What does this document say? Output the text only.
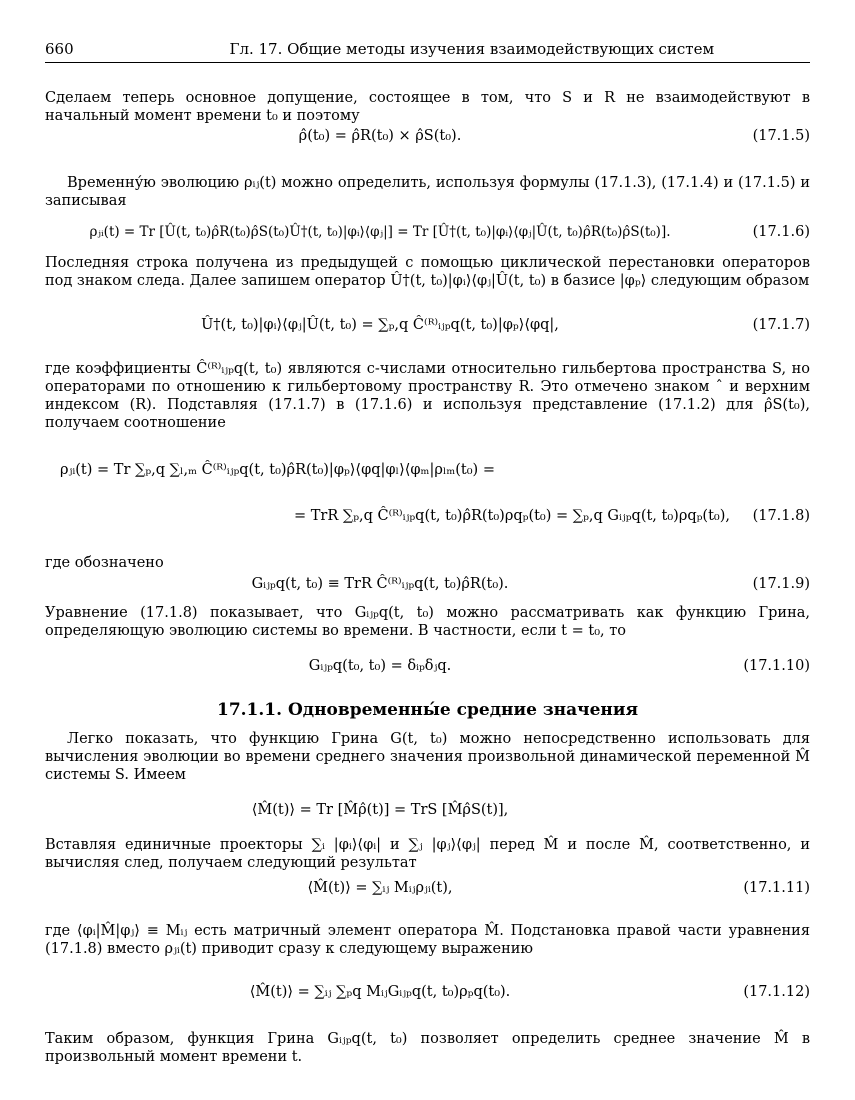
660	Гл. 17. Общие методы изучения взаимодействующих систем

Сделаем теперь основное допущение, состоящее в том, что S и R не взаимодействуют в начальный момент времени t₀ и поэтому

ρ̂(t₀) = ρ̂R(t₀) × ρ̂S(t₀).	(17.1.5)

Временну́ю эволюцию ρᵢⱼ(t) можно определить, используя формулы (17.1.3), (17.1.4) и (17.1.5) и записывая

ρⱼᵢ(t) = Tr [Û(t, t₀)ρ̂R(t₀)ρ̂S(t₀)Û†(t, t₀)|φᵢ⟩⟨φⱼ|] = Tr [Û†(t, t₀)|φᵢ⟩⟨φⱼ|Û(t, t₀)ρ̂R(t₀)ρ̂S(t₀)].	(17.1.6)

Последняя строка получена из предыдущей с помощью циклической перестановки операторов под знаком следа. Далее запишем оператор Û†(t, t₀)|φᵢ⟩⟨φⱼ|Û(t, t₀) в базисе |φₚ⟩ следующим образом

Û†(t, t₀)|φᵢ⟩⟨φⱼ|Û(t, t₀) = ∑ₚ,q Ĉ⁽ᴿ⁾ᵢⱼₚq(t, t₀)|φₚ⟩⟨φq|,	(17.1.7)

где коэффициенты Ĉ⁽ᴿ⁾ᵢⱼₚq(t, t₀) являются c-числами относительно гильбертова пространства S, но операторами по отношению к гильбертовому пространству R. Это отмечено знаком ˆ и верхним индексом (R). Подставляя (17.1.7) в (17.1.6) и используя представление (17.1.2) для ρ̂S(t₀), получаем соотношение

ρⱼᵢ(t) = Tr ∑ₚ,q ∑ₗ,ₘ Ĉ⁽ᴿ⁾ᵢⱼₚq(t, t₀)ρ̂R(t₀)|φₚ⟩⟨φq|φₗ⟩⟨φₘ|ρₗₘ(t₀) =
= TrR ∑ₚ,q Ĉ⁽ᴿ⁾ᵢⱼₚq(t, t₀)ρ̂R(t₀)ρqₚ(t₀) = ∑ₚ,q Gᵢⱼₚq(t, t₀)ρqₚ(t₀), (17.1.8)

где обозначено

Gᵢⱼₚq(t, t₀) ≡ TrR Ĉ⁽ᴿ⁾ᵢⱼₚq(t, t₀)ρ̂R(t₀).	(17.1.9)

Уравнение (17.1.8) показывает, что Gᵢⱼₚq(t, t₀) можно рассматривать как функцию Грина, определяющую эволюцию системы во времени. В частности, если t = t₀, то

Gᵢⱼₚq(t₀, t₀) = δᵢₚδⱼq.	(17.1.10)

17.1.1. Одновременны́е средние значения

Легко показать, что функцию Грина G(t, t₀) можно непосредственно использовать для вычисления эволюции во времени среднего значения произвольной динамической переменной M̂ системы S. Имеем

⟨M̂(t)⟩ = Tr [M̂ρ̂(t)] = TrS [M̂ρ̂S(t)],

Вставляя единичные проекторы ∑ᵢ |φᵢ⟩⟨φᵢ| и ∑ⱼ |φⱼ⟩⟨φⱼ| перед M̂ и после M̂, соответственно, и вычисляя след, получаем следующий результат

⟨M̂(t)⟩ = ∑ᵢⱼ Mᵢⱼρⱼᵢ(t),	(17.1.11)

где ⟨φᵢ|M̂|φⱼ⟩ ≡ Mᵢⱼ есть матричный элемент оператора M̂. Подстановка правой части уравнения (17.1.8) вместо ρⱼᵢ(t) приводит сразу к следующему выражению

⟨M̂(t)⟩ = ∑ᵢⱼ ∑ₚq MᵢⱼGᵢⱼₚq(t, t₀)ρₚq(t₀).	(17.1.12)

Таким образом, функция Грина Gᵢⱼₚq(t, t₀) позволяет определить среднее значение M̂ в произвольный момент времени t.
